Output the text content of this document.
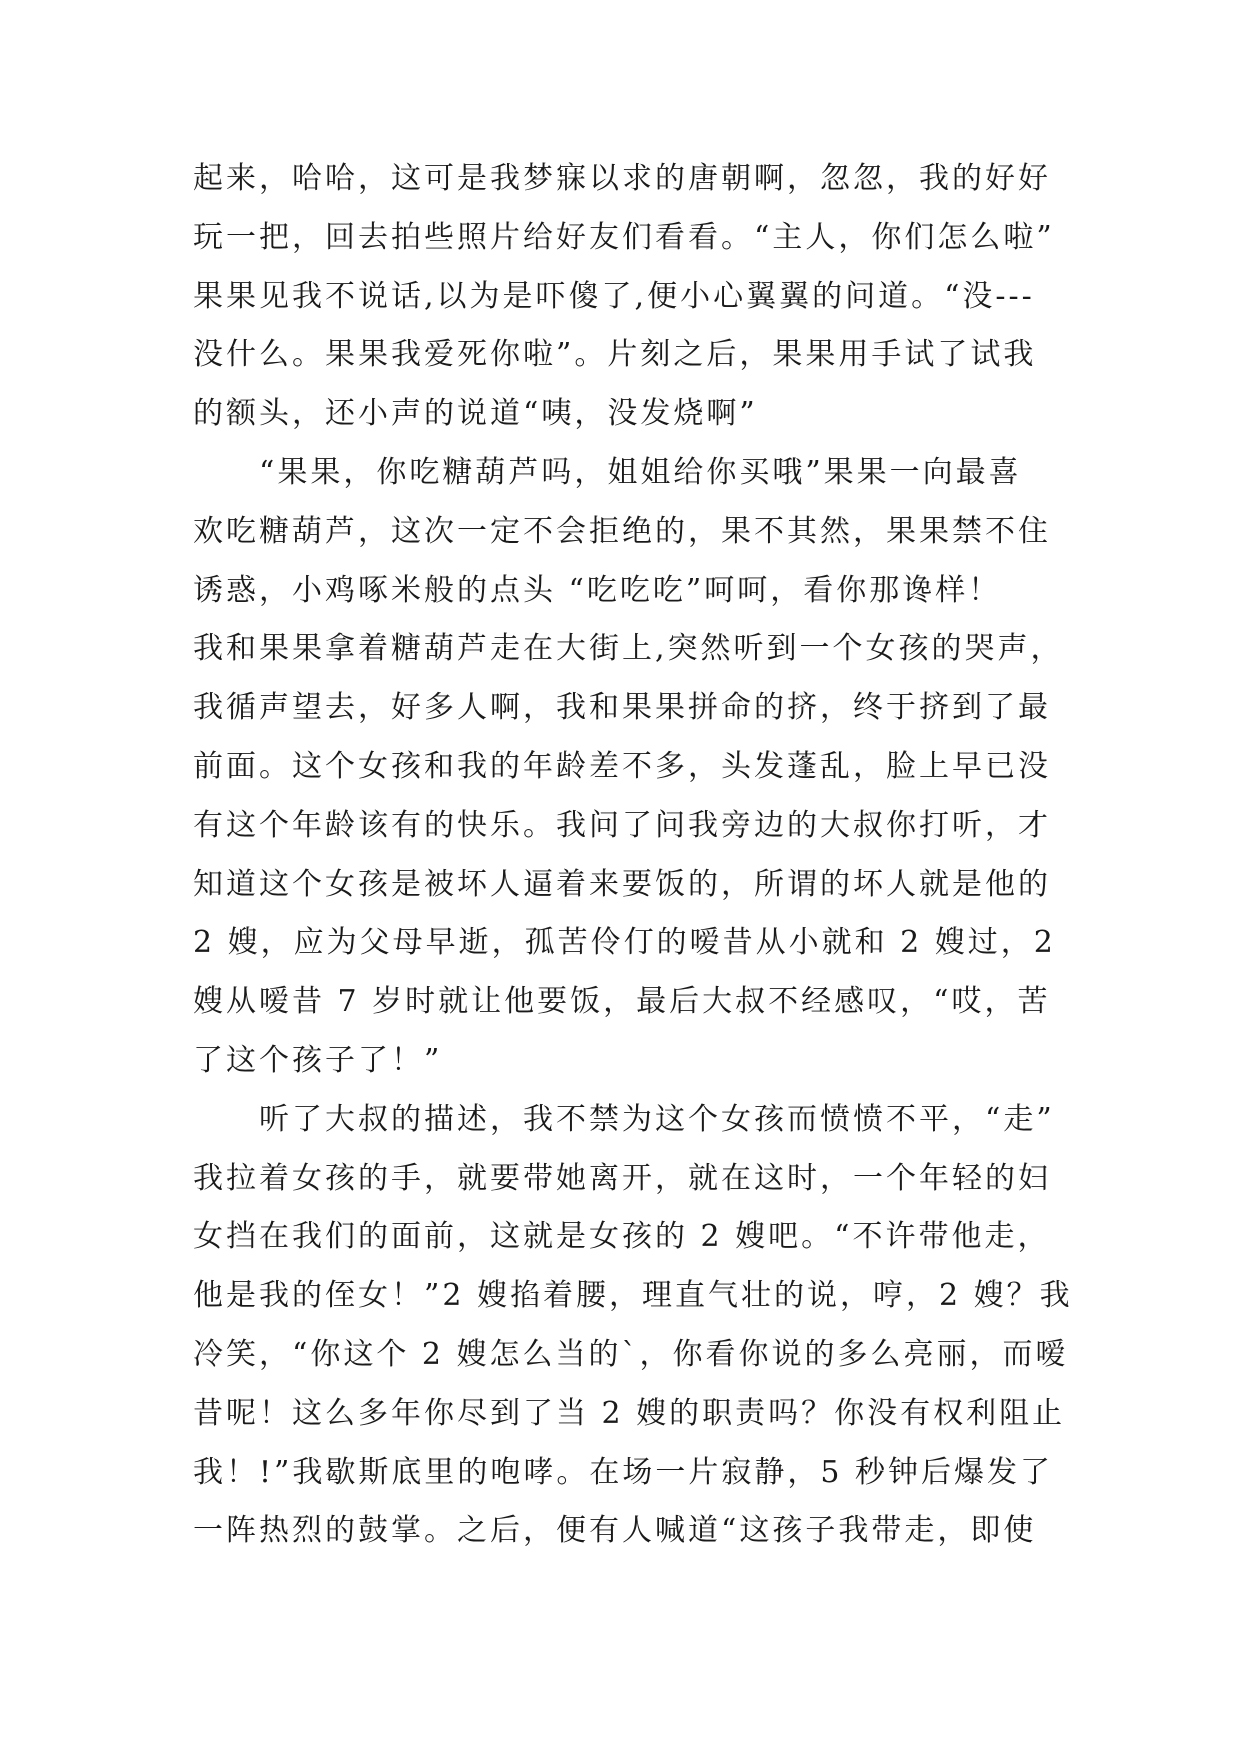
起来，哈哈，这可是我梦寐以求的唐朝啊，忽忽，我的好好
玩一把，回去拍些照片给好友们看看。“主人，你们怎么啦”
果果见我不说话,以为是吓傻了,便小心翼翼的问道。“没---
没什么。果果我爱死你啦”。片刻之后，果果用手试了试我
的额头，还小声的说道“咦，没发烧啊”
　　“果果，你吃糖葫芦吗，姐姐给你买哦”果果一向最喜
欢吃糖葫芦，这次一定不会拒绝的，果不其然，果果禁不住
诱惑，小鸡啄米般的点头 “吃吃吃”呵呵，看你那谗样！
我和果果拿着糖葫芦走在大街上,突然听到一个女孩的哭声，
我循声望去，好多人啊，我和果果拼命的挤，终于挤到了最
前面。这个女孩和我的年龄差不多，头发蓬乱，脸上早已没
有这个年龄该有的快乐。我问了问我旁边的大叔你打听，才
知道这个女孩是被坏人逼着来要饭的，所谓的坏人就是他的
2 嫂，应为父母早逝，孤苦伶仃的嗳昔从小就和 2 嫂过，2
嫂从嗳昔 7 岁时就让他要饭，最后大叔不经感叹，“哎，苦
了这个孩子了！”
　　听了大叔的描述，我不禁为这个女孩而愤愤不平，“走”
我拉着女孩的手，就要带她离开，就在这时，一个年轻的妇
女挡在我们的面前，这就是女孩的 2 嫂吧。“不许带他走，
他是我的侄女！”2 嫂掐着腰，理直气壮的说，哼，2 嫂？我
冷笑，“你这个 2 嫂怎么当的`，你看你说的多么亮丽，而嗳
昔呢！这么多年你尽到了当 2 嫂的职责吗？你没有权利阻止
我！!”我歇斯底里的咆哮。在场一片寂静，5 秒钟后爆发了
一阵热烈的鼓掌。之后，便有人喊道“这孩子我带走，即使
